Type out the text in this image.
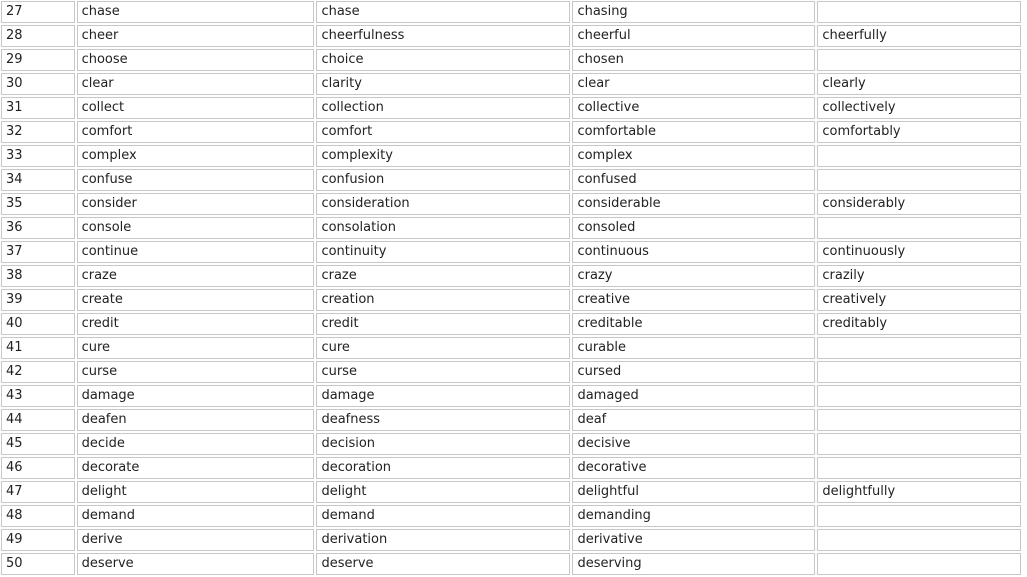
27	chase	chase	chasing	
28	cheer	cheerfulness	cheerful	cheerfully
29	choose	choice	chosen	
30	clear	clarity	clear	clearly
31	collect	collection	collective	collectively
32	comfort	comfort	comfortable	comfortably
33	complex	complexity	complex	
34	confuse	confusion	confused	
35	consider	consideration	considerable	considerably
36	console	consolation	consoled	
37	continue	continuity	continuous	continuously
38	craze	craze	crazy	crazily
39	create	creation	creative	creatively
40	credit	credit	creditable	creditably
41	cure	cure	curable	
42	curse	curse	cursed	
43	damage	damage	damaged	
44	deafen	deafness	deaf	
45	decide	decision	decisive	
46	decorate	decoration	decorative	
47	delight	delight	delightful	delightfully
48	demand	demand	demanding	
49	derive	derivation	derivative	
50	deserve	deserve	deserving	
